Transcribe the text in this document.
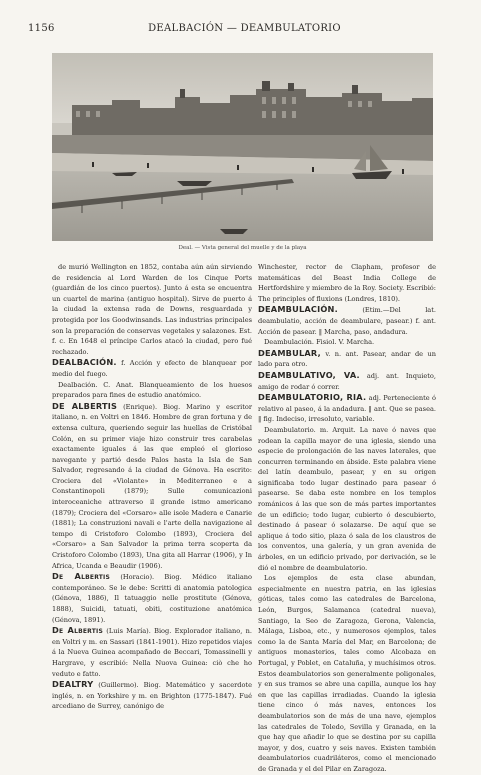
1156	DEALBACIÓN — DEAMBULATORIO
Deal. — Vista general del muelle y de la playa

de murió Wellington en 1852, contaba aún aún sirviendo de residencia al Lord Warden de los Cinque Ports (guardián de los cinco puertos). Junto á esta se encuentra un cuartel de marina (antiguo hospital). Sirve de puerto á la ciudad la extensa rada de Downs, resguardada y protegida por los Goodwinsands. Las industrias principales son la preparación de conservas vegetales y salazones. Est. f. c. En 1648 el príncipe Carlos atacó la ciudad, pero fué rechazado.

DEALBACIÓN. f. Acción y efecto de blanquear por medio del fuego.

Dealbación. C. Anat. Blanqueamiento de los huesos preparados para fines de estudio anatómico.

DE ALBERTIS (Enrique). Biog. Marino y escritor italiano, n. en Voltri en 1846. Hombre de gran fortuna y de extensa cultura, queriendo seguir las huellas de Cristóbal Colón, en su primer viaje hizo construir tres carabelas exactamente iguales á las que empleó el glorioso navegante y partió desde Palos hasta la Isla de San Salvador, regresando á la ciudad de Génova. Ha escrito: Crociera del «Violante» in Mediterraneo e a Constantinopoli (1879); Sulle comunicazioni interoceaniche attraverso il grande istmo americano (1879); Crociera del «Corsaro» alle isole Madera e Canarie (1881); La construzioni navali e l'arte della navigazione al tempo di Cristoforo Colombo (1893), Crociera del «Corsaro» a San Salvador la prima terra scoperta da Cristoforo Colombo (1893), Una gita all Harrar (1906), y In Africa, Ucanda e Beaudir (1906).

De Albertis (Horacio). Biog. Médico italiano contemporáneo. Se le debe: Scritti di anatomia patologica (Génova, 1886), Il tatuaggio nelle prostitute (Génova, 1888), Suicidi, tatuati, obiti, costituzione anatómica (Génova, 1891).

De Albertis (Luis María). Biog. Explorador italiano, n. en Voltri y m. en Sassari (1841-1901). Hizo repetidos viajes á la Nueva Guinea acompañado de Beccari, Tomassinelli y Hargrave, y escribió: Nella Nuova Guinea: ciò che ho veduto e fatto.

DEALTRY (Guillermo). Biog. Matemático y sacerdote inglés, n. en Yorkshire y m. en Brighton (1775-1847). Fué arcediano de Surrey, canónigo de

Winchester, rector de Clapham, profesor de matemáticas del Beast India College de Hertfordshire y miembro de la Roy. Society. Escribió: The principles of fluxions (Londres, 1810).

DEAMBULACIÓN.	(Etim.—Del lat. deambulatio, acción de deambulare, pasear.) f. ant. Acción de pasear. ‖ Marcha, paso, andadura.

Deambulación. Fisiol. V. Marcha.

DEAMBULAR, v. n. ant. Pasear, andar de un lado para otro.

DEAMBULATIVO, VA. adj. ant. Inquieto, amigo de rodar ó correr.

DEAMBULATORIO, RIA. adj. Perteneciente ó relativo al paseo, á la andadura. ‖ ant. Que se pasea. ‖ fig. Indeciso, irresoluto, variable.

Deambulatorio. m. Arquit. La nave ó naves que rodean la capilla mayor de una iglesia, siendo una especie de prolongación de las naves laterales, que concurren terminando en ábside. Este palabra viene del latín deambulo, pasear, y en su origen significaba todo lugar destinado para pasear ó pasearse. Se daba este nombre en los templos románicos á las que son de más partes importantes de un edificio; todo lugar, cubierto ó descubierto, destinado á pasear ó solazarse. De aquí que se aplique á todo sitio, plaza ó sala de los claustros de los conventos, una galería, y un gran avenida de árboles, en un edificio privado, por derivación, se le dió el nombre de deambulatorio.

Los ejemplos de esta clase abundan, especialmente en nuestra patria, en las iglesias góticas, tales como las catedrales de Barcelona, León, Burgos, Salamanca (catedral nueva), Santiago, la Seo de Zaragoza, Gerona, Valencia, Málaga, Lisboa, etc., y numerosos ejemplos, tales como la de Santa María del Mar, en Barcelona; de antiguos monasterios, tales como Alcobaza en Portugal, y Poblet, en Cataluña, y muchísimos otros. Estos deambulatorios son generalmente poligonales, y en sus tramos se abre una capilla, aunque los hay en que las capillas irradiadas. Cuando la iglesia tiene cinco ó más naves, entonces los deambulatorios son de más de una nave, ejemplos las catedrales de Toledo, Sevilla y Granada, en la que hay que añadir lo que se destina por su capilla mayor, y dos, cuatro y seis naves. Existen también deambulatorios cuadriláteros, como el mencionado de Granada y el del Pilar en Zaragoza.
